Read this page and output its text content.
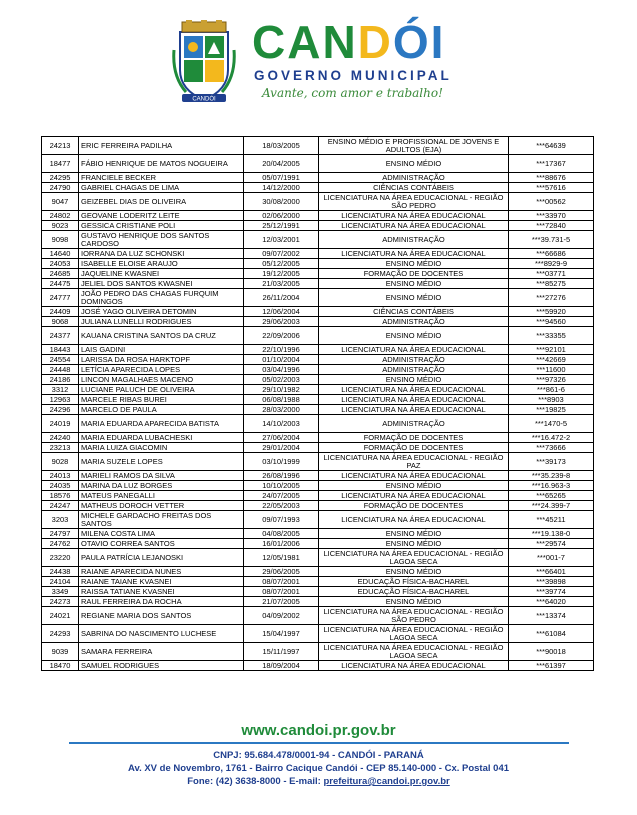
CANDÓI
CANDÓI
GOVERNO MUNICIPAL
Avante, com amor e trabalho!
24213	ERIC FERREIRA PADILHA	18/03/2005	ENSINO MÉDIO E PROFISSIONAL DE JOVENS E ADULTOS (EJA)	***64639
18477	FÁBIO HENRIQUE DE MATOS NOGUEIRA	20/04/2005	ENSINO MÉDIO	***17367
24295	FRANCIELE BECKER	05/07/1991	ADMINISTRAÇÃO	***88676
24790	GABRIEL CHAGAS DE LIMA	14/12/2000	CIÊNCIAS CONTÁBEIS	***57616
9047	GEIZEBEL DIAS DE OLIVEIRA	30/08/2000	LICENCIATURA NA ÁREA EDUCACIONAL - REGIÃO SÃO PEDRO	***00562
24802	GEOVANE LODERITZ LEITE	02/06/2000	LICENCIATURA NA ÁREA EDUCACIONAL	***33970
9023	GESSICA CRISTIANE POLI	25/12/1991	LICENCIATURA NA ÁREA EDUCACIONAL	***72840
9098	GUSTAVO HENRIQUE DOS SANTOS CARDOSO	12/03/2001	ADMINISTRAÇÃO	***39.731-5
14640	IORRANA DA LUZ SCHONSKI	09/07/2002	LICENCIATURA NA ÁREA EDUCACIONAL	***66686
24053	ISABELLE ELOISE ARAUJO	05/12/2005	ENSINO MÉDIO	***8929-9
24685	JAQUELINE KWASNEI	19/12/2005	FORMAÇÃO DE DOCENTES	***03771
24475	JELIEL DOS SANTOS KWASNEI	21/03/2005	ENSINO MÉDIO	***85275
24777	JOÃO PEDRO DAS CHAGAS FURQUIM DOMINGOS	26/11/2004	ENSINO MÉDIO	***27276
24409	JOSÉ YAGO OLIVEIRA DETOMIN	12/06/2004	CIÊNCIAS CONTÁBEIS	***59920
9068	JULIANA LUNELLI RODRIGUES	29/06/2003	ADMINISTRAÇÃO	***94560
24377	KAUANA CRISTINA SANTOS DA CRUZ	22/09/2006	ENSINO MÉDIO	***33355
18443	LAIS GADINI	22/10/1996	LICENCIATURA NA ÁREA EDUCACIONAL	***92101
24554	LARISSA DA ROSA HARKTOPF	01/10/2004	ADMINISTRAÇÃO	***42669
24448	LETÍCIA APARECIDA LOPES	03/04/1996	ADMINISTRAÇÃO	***11600
24186	LINCON MAGALHAES MACENO	05/02/2003	ENSINO MÉDIO	***97326
3312	LUCIANE PALUCH DE OLIVEIRA	29/10/1982	LICENCIATURA NA ÁREA EDUCACIONAL	***861-6
12963	MARCELE RIBAS BUREI	06/08/1988	LICENCIATURA NA ÁREA EDUCACIONAL	***8903
24296	MARCELO DE PAULA	28/03/2000	LICENCIATURA NA ÁREA EDUCACIONAL	***19825
24019	MARIA EDUARDA APARECIDA BATISTA	14/10/2003	ADMINISTRAÇÃO	***1470-5
24240	MARIA EDUARDA LUBACHESKI	27/06/2004	FORMAÇÃO DE DOCENTES	***16.472-2
23213	MARIA LUIZA GIACOMIN	29/01/2004	FORMAÇÃO DE DOCENTES	***73666
9028	MARIA SUZELE LOPES	03/10/1999	LICENCIATURA NA ÁREA EDUCACIONAL - REGIÃO PAZ	***39173
24013	MARIELI RAMOS DA SILVA	26/08/1996	LICENCIATURA NA ÁREA EDUCACIONAL	***35.239-8
24035	MARINA DA LUZ BORGES	10/10/2005	ENSINO MÉDIO	***16.963-3
18576	MATEUS PANEGALLI	24/07/2005	LICENCIATURA NA ÁREA EDUCACIONAL	***65265
24247	MATHEUS DOROCH VETTER	22/05/2003	FORMAÇÃO DE DOCENTES	***24.399-7
3203	MICHELE GARDACHO FREITAS DOS SANTOS	09/07/1993	LICENCIATURA NA ÁREA EDUCACIONAL	***45211
24797	MILENA COSTA LIMA	04/08/2005	ENSINO MÉDIO	***19.138-0
24762	OTAVIO CORREA SANTOS	16/01/2006	ENSINO MÉDIO	***29574
23220	PAULA PATRÍCIA LEJANOSKI	12/05/1981	LICENCIATURA NA ÁREA EDUCACIONAL - REGIÃO LAGOA SECA	***001-7
24438	RAIANE APARECIDA NUNES	29/06/2005	ENSINO MÉDIO	***66401
24104	RAIANE TAIANE KVASNEI	08/07/2001	EDUCAÇÃO FÍSICA-BACHAREL	***39898
3349	RAISSA TATIANE KVASNEI	08/07/2001	EDUCAÇÃO FÍSICA-BACHAREL	***39774
24273	RAUL FERREIRA DA ROCHA	21/07/2005	ENSINO MÉDIO	***64020
24021	REGIANE MARIA DOS SANTOS	04/09/2002	LICENCIATURA NA ÁREA EDUCACIONAL - REGIÃO SÃO PEDRO	***13374
24293	SABRINA DO NASCIMENTO LUCHESE	15/04/1997	LICENCIATURA NA ÁREA EDUCACIONAL - REGIÃO LAGOA SECA	***61084
9039	SAMARA FERREIRA	15/11/1997	LICENCIATURA NA ÁREA EDUCACIONAL - REGIÃO LAGOA SECA	***90018
18470	SAMUEL RODRIGUES	18/09/2004	LICENCIATURA NA ÁREA EDUCACIONAL	***61397
www.candoi.pr.gov.br
CNPJ: 95.684.478/0001-94 - CANDÓI - PARANÁ
Av. XV de Novembro, 1761 - Bairro Cacique Candói - CEP 85.140-000 - Cx. Postal 041
Fone: (42) 3638-8000 - E-mail: prefeitura@candoi.pr.gov.br
